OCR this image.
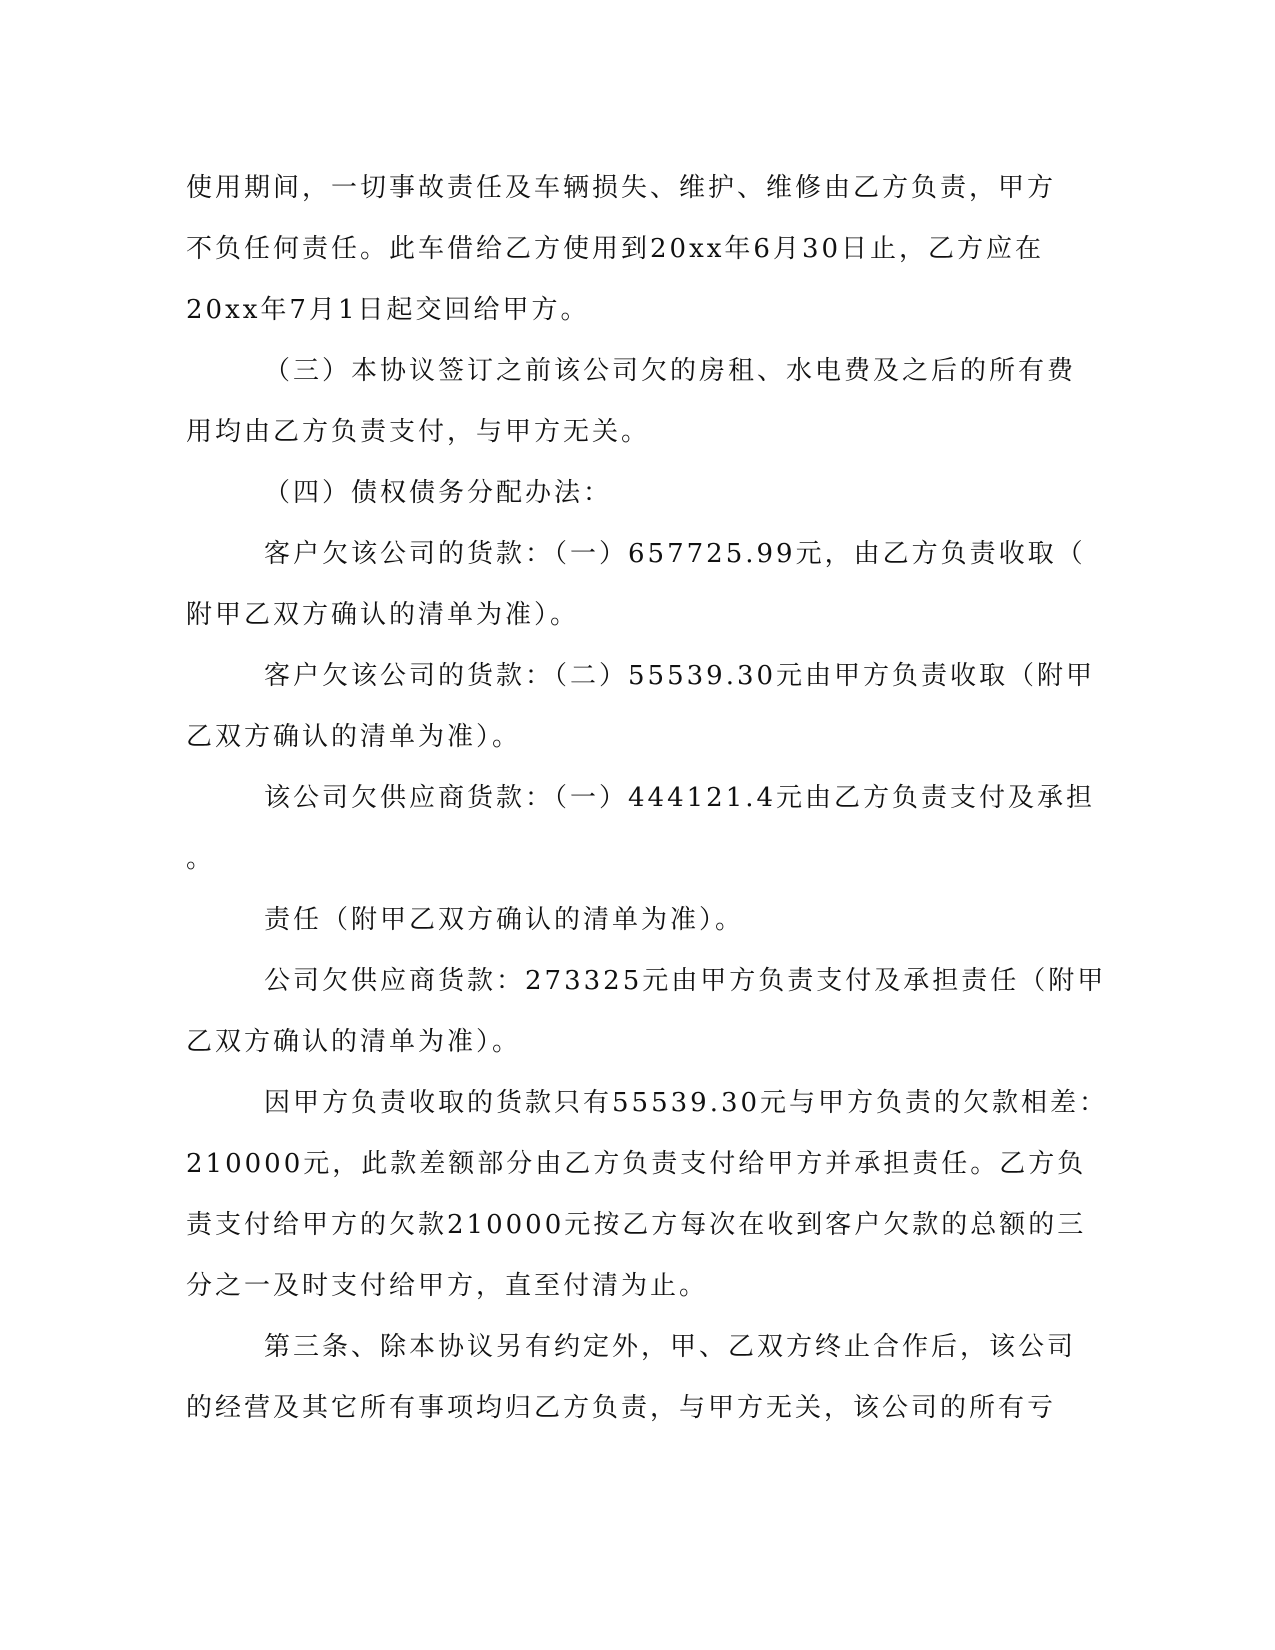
使用期间，一切事故责任及车辆损失、维护、维修由乙方负责，甲方
不负任何责任。此车借给乙方使用到20xx年6月30日止，乙方应在
20xx年7月1日起交回给甲方。
（三）本协议签订之前该公司欠的房租、水电费及之后的所有费
用均由乙方负责支付，与甲方无关。
（四）债权债务分配办法：
客户欠该公司的货款：（一）657725.99元，由乙方负责收取（
附甲乙双方确认的清单为准）。
客户欠该公司的货款：（二）55539.30元由甲方负责收取（附甲
乙双方确认的清单为准）。
该公司欠供应商货款：（一）444121.4元由乙方负责支付及承担
。
责任（附甲乙双方确认的清单为准）。
公司欠供应商货款：273325元由甲方负责支付及承担责任（附甲
乙双方确认的清单为准）。
因甲方负责收取的货款只有55539.30元与甲方负责的欠款相差：
210000元，此款差额部分由乙方负责支付给甲方并承担责任。乙方负
责支付给甲方的欠款210000元按乙方每次在收到客户欠款的总额的三
分之一及时支付给甲方，直至付清为止。
第三条、除本协议另有约定外，甲、乙双方终止合作后，该公司
的经营及其它所有事项均归乙方负责，与甲方无关，该公司的所有亏
